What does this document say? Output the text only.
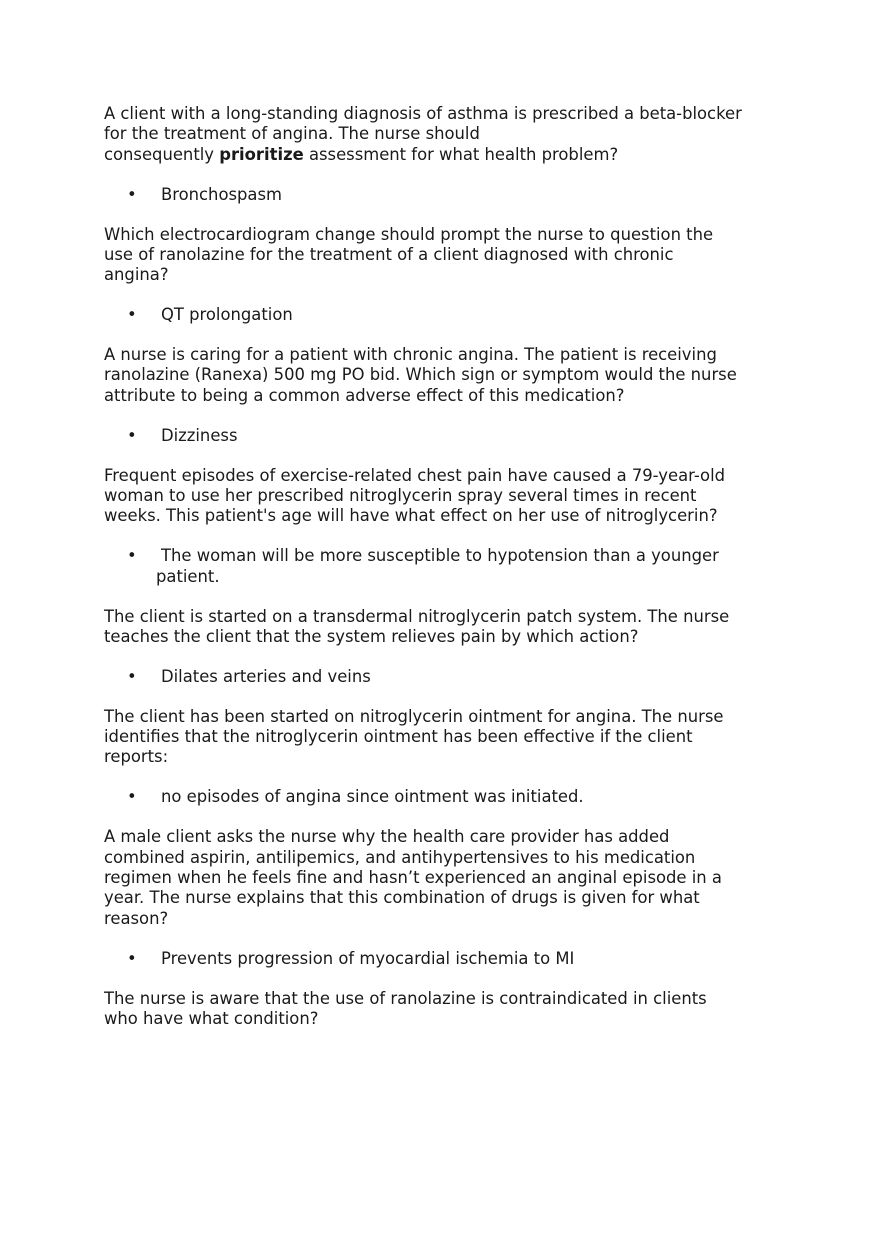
A client with a long-standing diagnosis of asthma is prescribed a beta-blocker
for the treatment of angina. The nurse should
consequently prioritize assessment for what health problem?

• Bronchospasm

Which electrocardiogram change should prompt the nurse to question the
use of ranolazine for the treatment of a client diagnosed with chronic
angina?

• QT prolongation

A nurse is caring for a patient with chronic angina. The patient is receiving
ranolazine (Ranexa) 500 mg PO bid. Which sign or symptom would the nurse
attribute to being a common adverse effect of this medication?

• Dizziness

Frequent episodes of exercise-related chest pain have caused a 79-year-old
woman to use her prescribed nitroglycerin spray several times in recent
weeks. This patient's age will have what effect on her use of nitroglycerin?

• The woman will be more susceptible to hypotension than a younger
patient.

The client is started on a transdermal nitroglycerin patch system. The nurse
teaches the client that the system relieves pain by which action?

• Dilates arteries and veins

The client has been started on nitroglycerin ointment for angina. The nurse
identifies that the nitroglycerin ointment has been effective if the client
reports:

• no episodes of angina since ointment was initiated.

A male client asks the nurse why the health care provider has added
combined aspirin, antilipemics, and antihypertensives to his medication
regimen when he feels fine and hasn’t experienced an anginal episode in a
year. The nurse explains that this combination of drugs is given for what
reason?

• Prevents progression of myocardial ischemia to MI

The nurse is aware that the use of ranolazine is contraindicated in clients
who have what condition?
